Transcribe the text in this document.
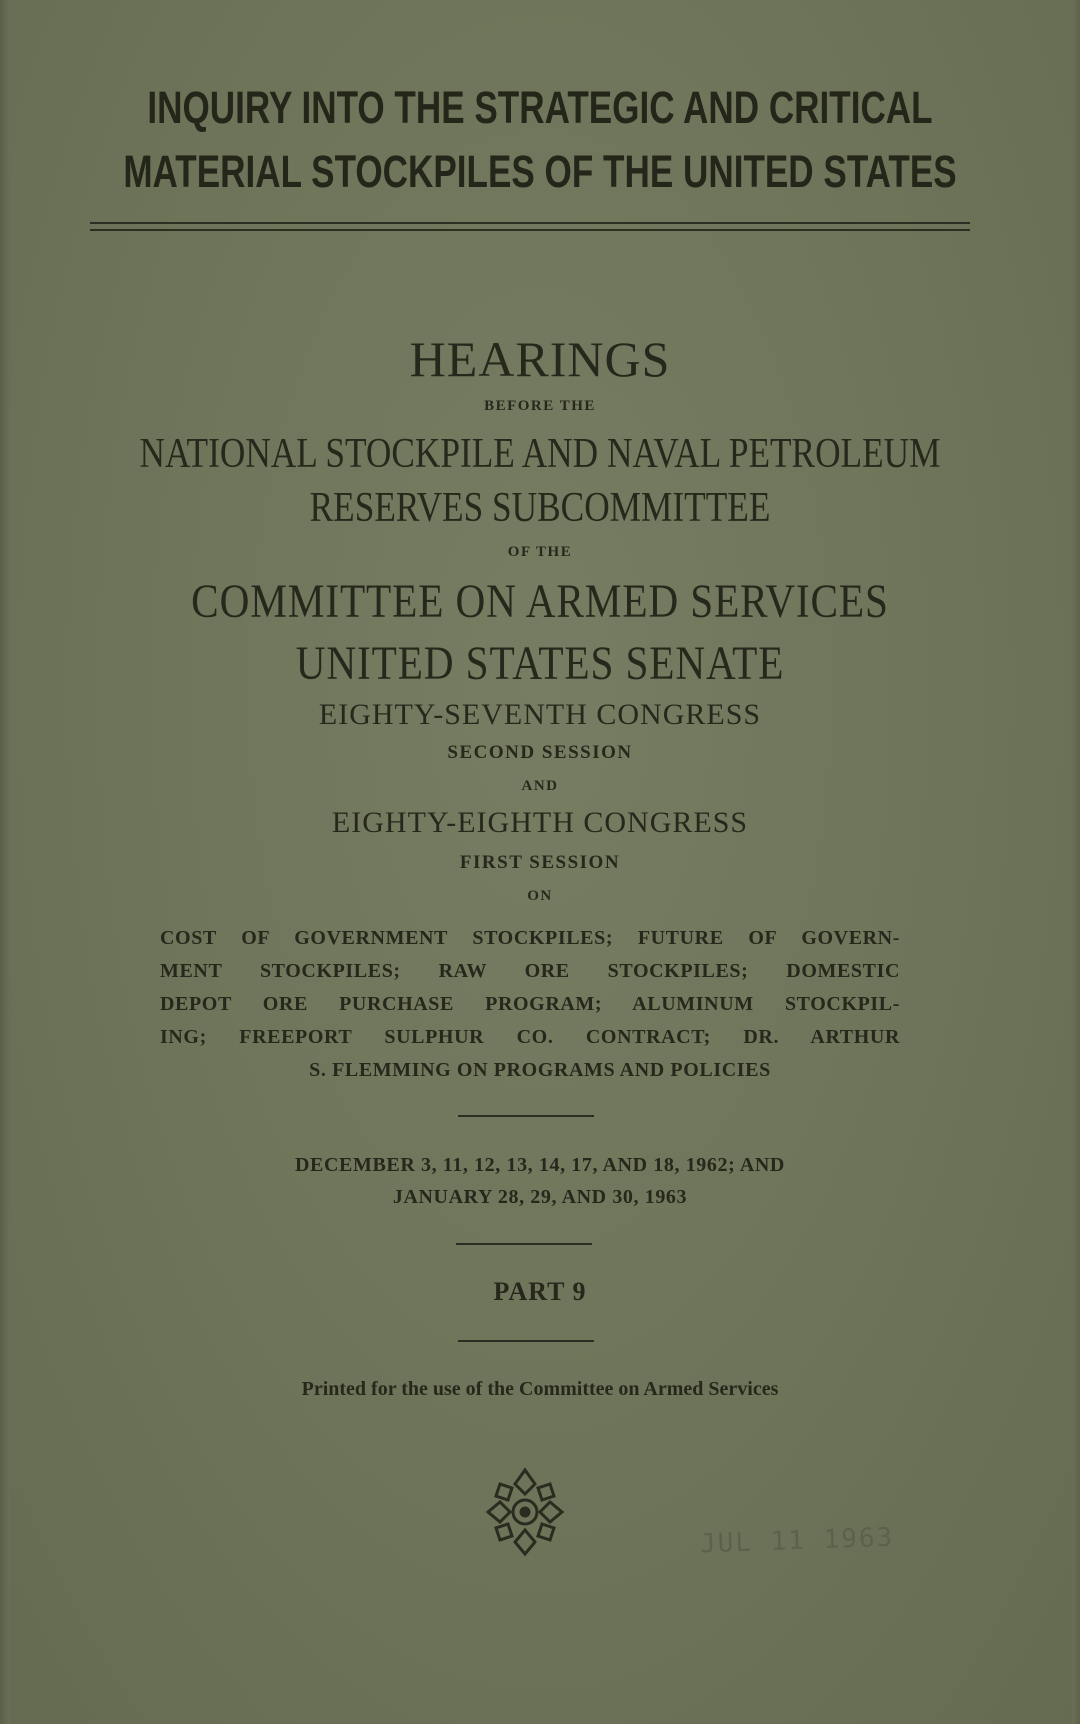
INQUIRY INTO THE STRATEGIC AND CRITICAL

MATERIAL STOCKPILES OF THE UNITED STATES

HEARINGS

BEFORE THE

NATIONAL STOCKPILE AND NAVAL PETROLEUM

RESERVES SUBCOMMITTEE

OF THE

COMMITTEE ON ARMED SERVICES

UNITED STATES SENATE

EIGHTY-SEVENTH CONGRESS

SECOND SESSION

AND

EIGHTY-EIGHTH CONGRESS

FIRST SESSION

ON

COST OF GOVERNMENT STOCKPILES; FUTURE OF GOVERN-

MENT STOCKPILES; RAW ORE STOCKPILES; DOMESTIC

DEPOT ORE PURCHASE PROGRAM; ALUMINUM STOCKPIL-

ING; FREEPORT SULPHUR CO. CONTRACT; DR. ARTHUR

S. FLEMMING ON PROGRAMS AND POLICIES

DECEMBER 3, 11, 12, 13, 14, 17, AND 18, 1962; AND

JANUARY 28, 29, AND 30, 1963

PART 9

Printed for the use of the Committee on Armed Services

JUL 11 1963
